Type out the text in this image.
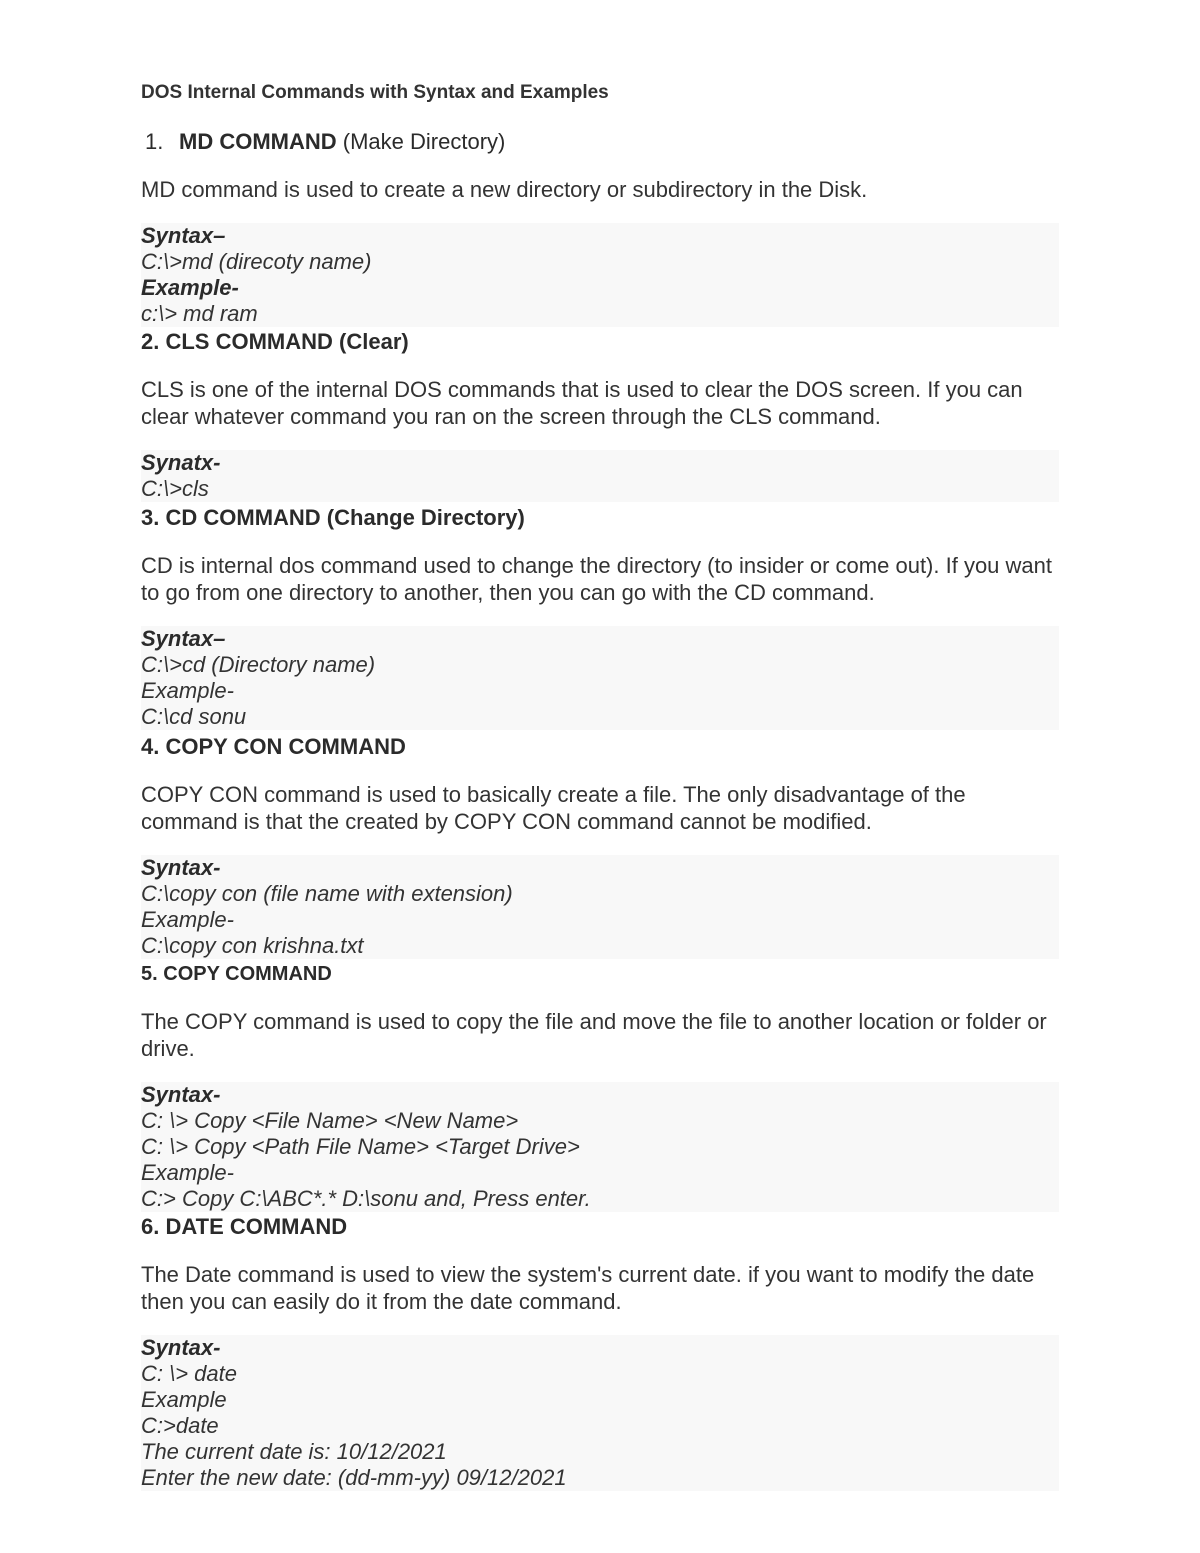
DOS Internal Commands with Syntax and Examples
1. MD COMMAND (Make Directory)
MD command is used to create a new directory or subdirectory in the Disk.
Syntax–
C:\>md (direcoty name)
Example-
c:\> md ram
2. CLS COMMAND (Clear)
CLS is one of the internal DOS commands that is used to clear the DOS screen. If you can clear whatever command you ran on the screen through the CLS command.
Synatx-
C:\>cls
3. CD COMMAND (Change Directory)
CD is internal dos command used to change the directory (to insider or come out). If you want to go from one directory to another, then you can go with the CD command.
Syntax–
C:\>cd (Directory name)
Example-
C:\cd sonu
4. COPY CON COMMAND
COPY CON command is used to basically create a file. The only disadvantage of the command is that the created by COPY CON command cannot be modified.
Syntax-
C:\copy con (file name with extension)
Example-
C:\copy con krishna.txt
5. COPY COMMAND
The COPY command is used to copy the file and move the file to another location or folder or drive.
Syntax-
C: \> Copy <File Name> <New Name>
C: \> Copy <Path File Name> <Target Drive>
Example-
C:> Copy C:\ABC*.* D:\sonu and, Press enter.
6. DATE COMMAND
The Date command is used to view the system's current date. if you want to modify the date then you can easily do it from the date command.
Syntax-
C: \> date
Example
C:>date
The current date is: 10/12/2021
Enter the new date: (dd-mm-yy) 09/12/2021
